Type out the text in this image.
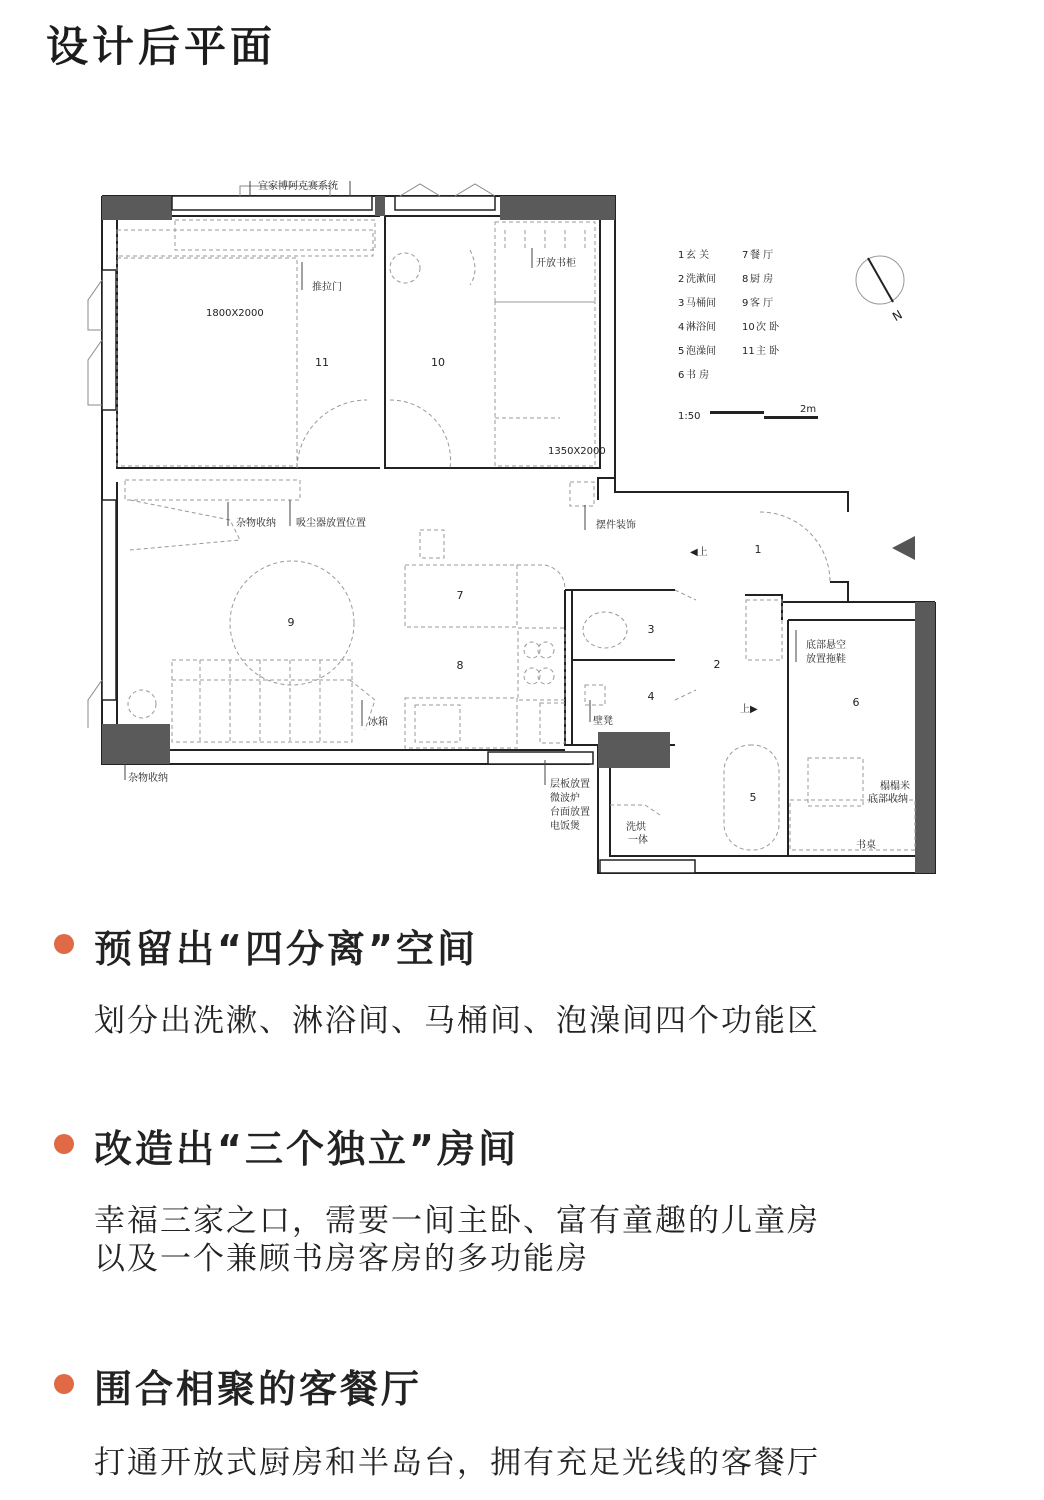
设计后平面
1
2
3
4
5
6
7
8
9
10
11
宜家博阿克赛系统
推拉门
开放书柜
1800X2000
1350X2000
杂物收纳 吸尘器放置位置	摆件装饰
冰箱
杂物收纳
层板放置
微波炉
台面放置
电饭煲	洗烘
一体
壁凳
底部悬空
放置拖鞋
榻榻米
底部收纳
书桌
◀上
上▶
1 玄 关
2 洗漱间
3 马桶间
4 淋浴间
5 泡澡间
6 书 房
7 餐 厅
8 厨 房
9 客 厅
10 次 卧
11 主 卧
1:50
2m
N
预留出“四分离”空间

划分出洗漱、淋浴间、马桶间、泡澡间四个功能区

改造出“三个独立”房间

幸福三家之口，需要一间主卧、富有童趣的儿童房

以及一个兼顾书房客房的多功能房

围合相聚的客餐厅

打通开放式厨房和半岛台，拥有充足光线的客餐厅
